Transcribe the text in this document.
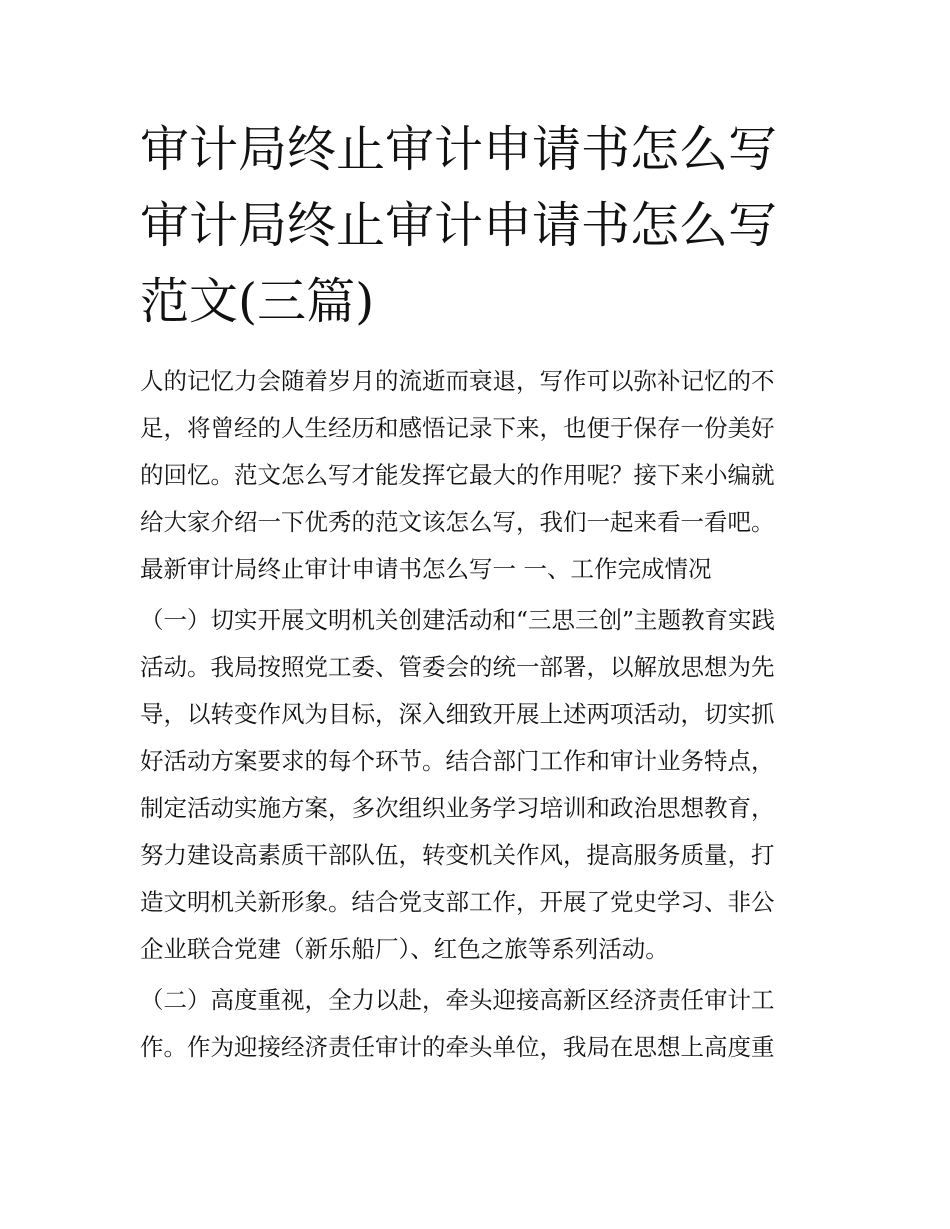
审计局终止审计申请书怎么写
审计局终止审计申请书怎么写
范文(三篇)
人的记忆力会随着岁月的流逝而衰退，写作可以弥补记忆的不
足，将曾经的人生经历和感悟记录下来，也便于保存一份美好
的回忆。范文怎么写才能发挥它最大的作用呢？接下来小编就
给大家介绍一下优秀的范文该怎么写，我们一起来看一看吧。
最新审计局终止审计申请书怎么写一 一、工作完成情况
（一）切实开展文明机关创建活动和“三思三创”主题教育实践
活动。我局按照党工委、管委会的统一部署，以解放思想为先
导，以转变作风为目标，深入细致开展上述两项活动，切实抓
好活动方案要求的每个环节。结合部门工作和审计业务特点，
制定活动实施方案，多次组织业务学习培训和政治思想教育，
努力建设高素质干部队伍，转变机关作风，提高服务质量，打
造文明机关新形象。结合党支部工作，开展了党史学习、非公
企业联合党建（新乐船厂）、红色之旅等系列活动。
（二）高度重视，全力以赴，牵头迎接高新区经济责任审计工
作。作为迎接经济责任审计的牵头单位，我局在思想上高度重
